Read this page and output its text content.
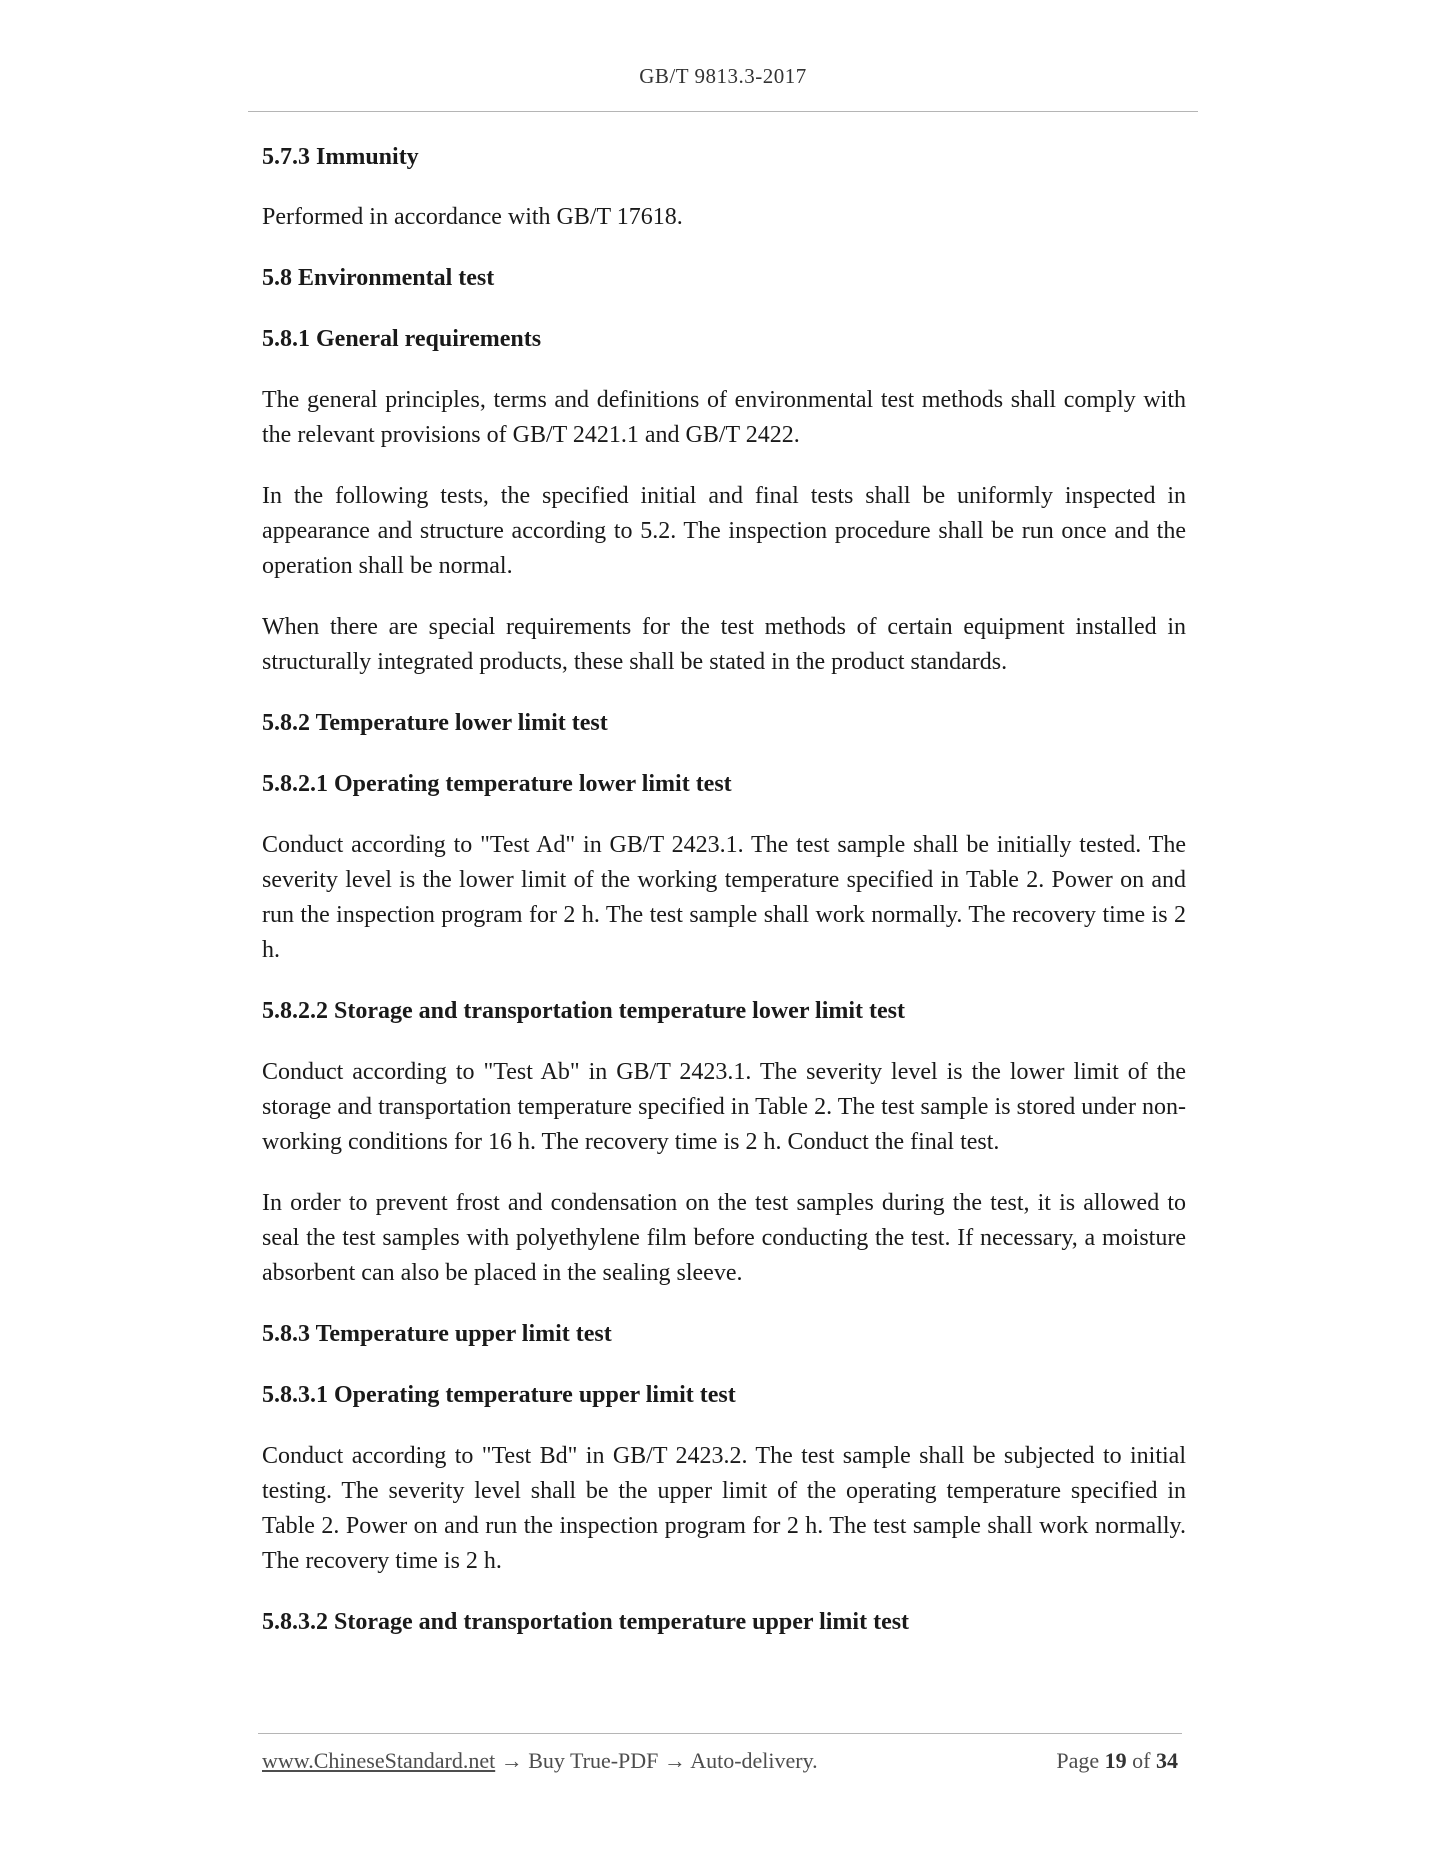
GB/T 9813.3-2017
5.7.3 Immunity
Performed in accordance with GB/T 17618.
5.8 Environmental test
5.8.1 General requirements
The general principles, terms and definitions of environmental test methods shall comply with the relevant provisions of GB/T 2421.1 and GB/T 2422.
In the following tests, the specified initial and final tests shall be uniformly inspected in appearance and structure according to 5.2. The inspection procedure shall be run once and the operation shall be normal.
When there are special requirements for the test methods of certain equipment installed in structurally integrated products, these shall be stated in the product standards.
5.8.2 Temperature lower limit test
5.8.2.1 Operating temperature lower limit test
Conduct according to "Test Ad" in GB/T 2423.1. The test sample shall be initially tested. The severity level is the lower limit of the working temperature specified in Table 2. Power on and run the inspection program for 2 h. The test sample shall work normally. The recovery time is 2 h.
5.8.2.2 Storage and transportation temperature lower limit test
Conduct according to "Test Ab" in GB/T 2423.1. The severity level is the lower limit of the storage and transportation temperature specified in Table 2. The test sample is stored under non-working conditions for 16 h. The recovery time is 2 h. Conduct the final test.
In order to prevent frost and condensation on the test samples during the test, it is allowed to seal the test samples with polyethylene film before conducting the test. If necessary, a moisture absorbent can also be placed in the sealing sleeve.
5.8.3 Temperature upper limit test
5.8.3.1 Operating temperature upper limit test
Conduct according to "Test Bd" in GB/T 2423.2. The test sample shall be subjected to initial testing. The severity level shall be the upper limit of the operating temperature specified in Table 2. Power on and run the inspection program for 2 h. The test sample shall work normally. The recovery time is 2 h.
5.8.3.2 Storage and transportation temperature upper limit test
www.ChineseStandard.net → Buy True-PDF → Auto-delivery.	Page 19 of 34
